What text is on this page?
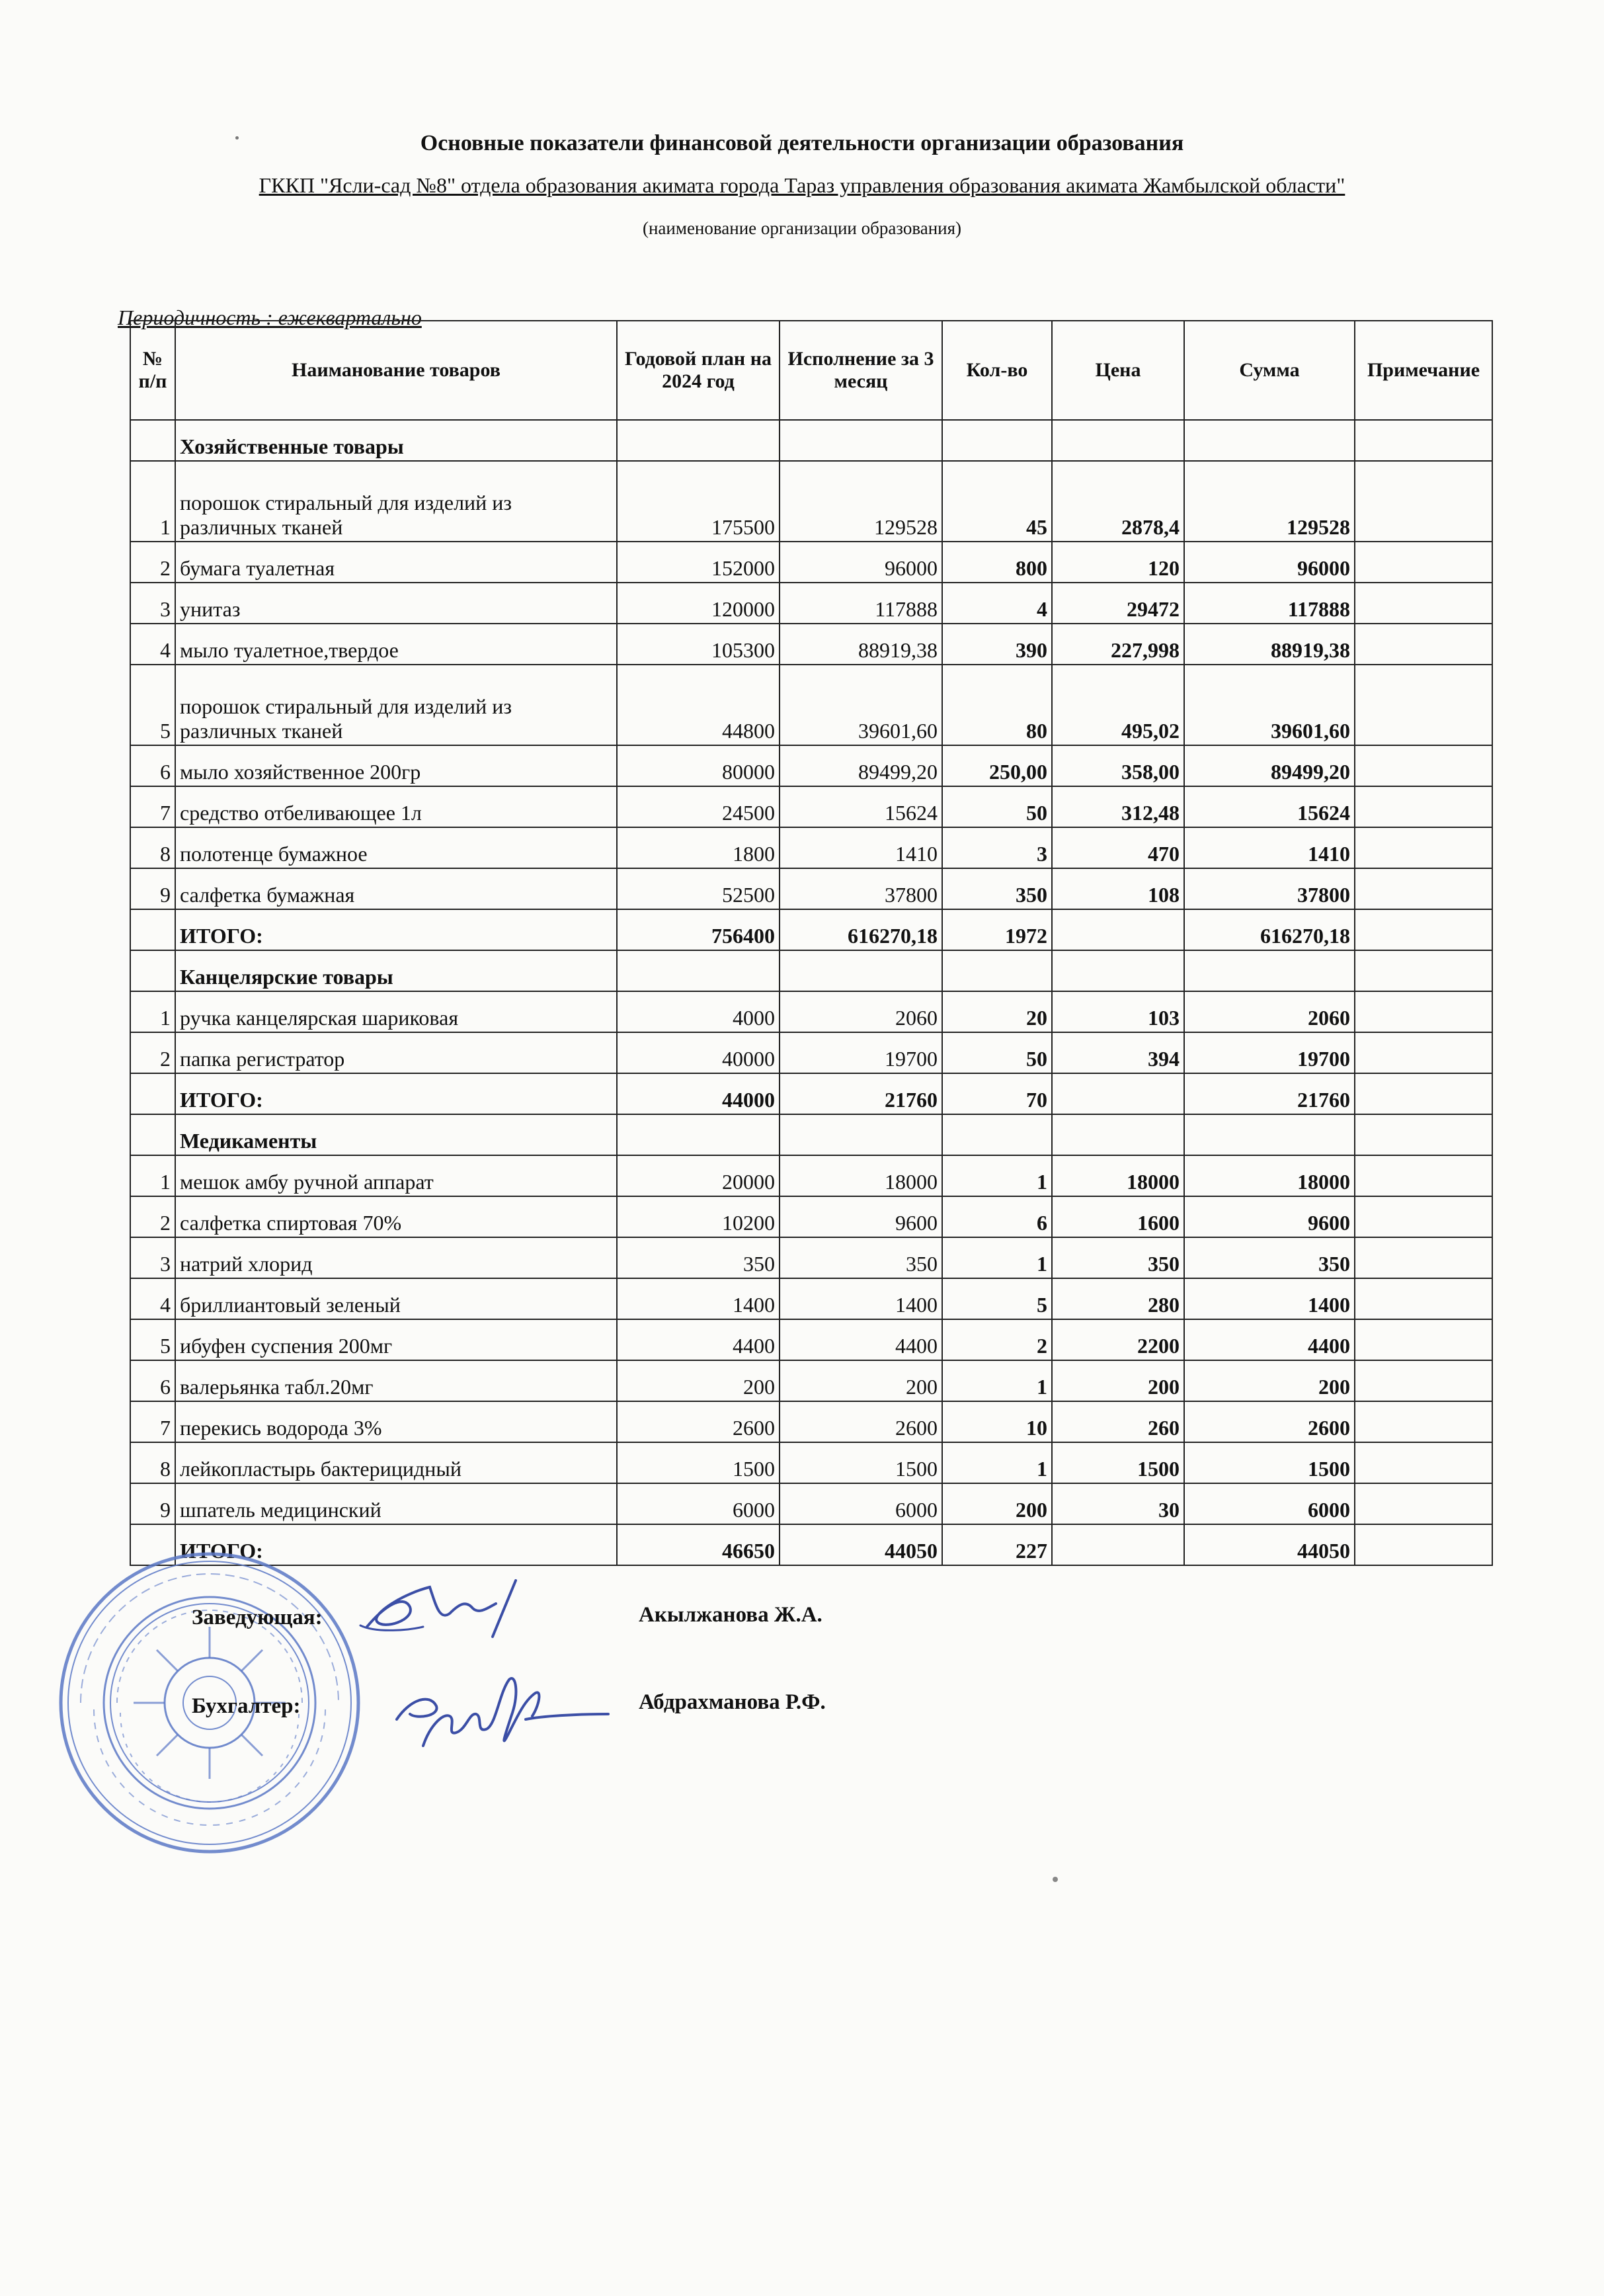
Основные показатели финансовой деятельности организации образования
ГККП "Ясли-сад №8" отдела образования акимата города Тараз управления образования акимата Жамбылской области"
(наименование организации образования)
Периодичность : ежеквартально
№ п/п	Наиманование товаров	Годовой план на 2024 год	Исполнение за 3 месяц	Кол-во	Цена	Сумма	Примечание
	Хозяйственные товары						
1	порошок стиральный для изделий из различных тканей	175500	129528	45	2878,4	129528	
2	бумага туалетная	152000	96000	800	120	96000	
3	унитаз	120000	117888	4	29472	117888	
4	мыло туалетное,твердое	105300	88919,38	390	227,998	88919,38	
5	порошок стиральный для изделий из различных тканей	44800	39601,60	80	495,02	39601,60	
6	мыло хозяйственное 200гр	80000	89499,20	250,00	358,00	89499,20	
7	средство отбеливающее 1л	24500	15624	50	312,48	15624	
8	полотенце бумажное	1800	1410	3	470	1410	
9	салфетка бумажная	52500	37800	350	108	37800	
	ИТОГО:	756400	616270,18	1972		616270,18	
	Канцелярские товары						
1	ручка канцелярская шариковая	4000	2060	20	103	2060	
2	папка регистратор	40000	19700	50	394	19700	
	ИТОГО:	44000	21760	70		21760	
	Медикаменты						
1	мешок амбу ручной аппарат	20000	18000	1	18000	18000	
2	салфетка спиртовая 70%	10200	9600	6	1600	9600	
3	натрий хлорид	350	350	1	350	350	
4	бриллиантовый зеленый	1400	1400	5	280	1400	
5	ибуфен суспения 200мг	4400	4400	2	2200	4400	
6	валерьянка табл.20мг	200	200	1	200	200	
7	перекись водорода 3%	2600	2600	10	260	2600	
8	лейкопластырь бактерицидный	1500	1500	1	1500	1500	
9	шпатель медицинский	6000	6000	200	30	6000	
	ИТОГО:	46650	44050	227		44050	
Заведующая:	Акылжанова Ж.А.
Бухгалтер:	Абдрахманова Р.Ф.
